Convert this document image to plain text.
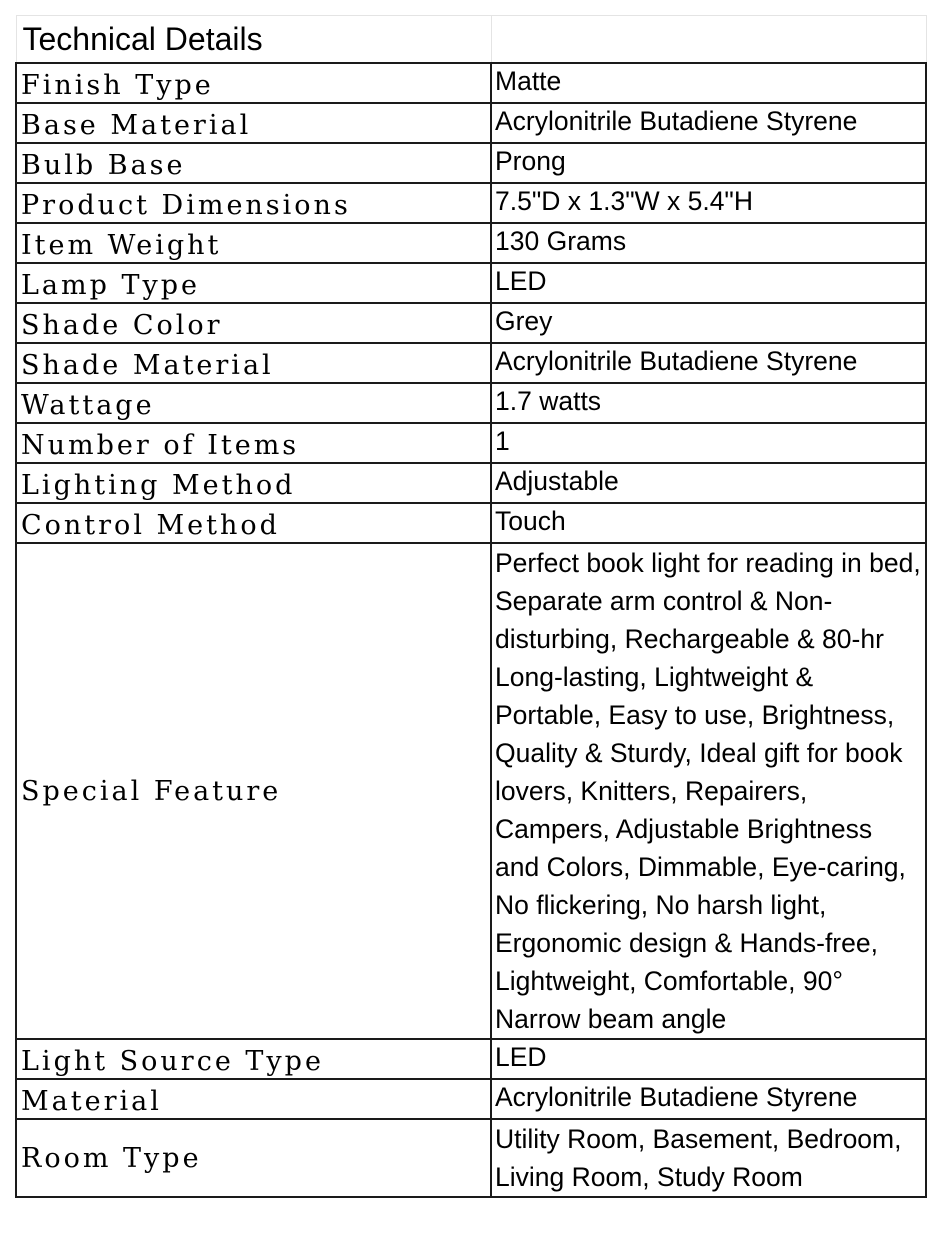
Technical Details	
Finish Type	Matte
Base Material	Acrylonitrile Butadiene Styrene
Bulb Base	Prong
Product Dimensions	7.5"D x 1.3"W x 5.4"H
Item Weight	130 Grams
Lamp Type	LED
Shade Color	Grey
Shade Material	Acrylonitrile Butadiene Styrene
Wattage	1.7 watts
Number of Items	1
Lighting Method	Adjustable
Control Method	Touch
Special Feature	Perfect book light for reading in bed, Separate arm control & Non-disturbing, Rechargeable & 80-hr Long-lasting, Lightweight & Portable, Easy to use, Brightness, Quality & Sturdy, Ideal gift for book lovers, Knitters, Repairers, Campers, Adjustable Brightness and Colors, Dimmable, Eye-caring, No flickering, No harsh light, Ergonomic design & Hands-free, Lightweight, Comfortable, 90° Narrow beam angle
Light Source Type	LED
Material	Acrylonitrile Butadiene Styrene
Room Type	Utility Room, Basement, Bedroom, Living Room, Study Room
